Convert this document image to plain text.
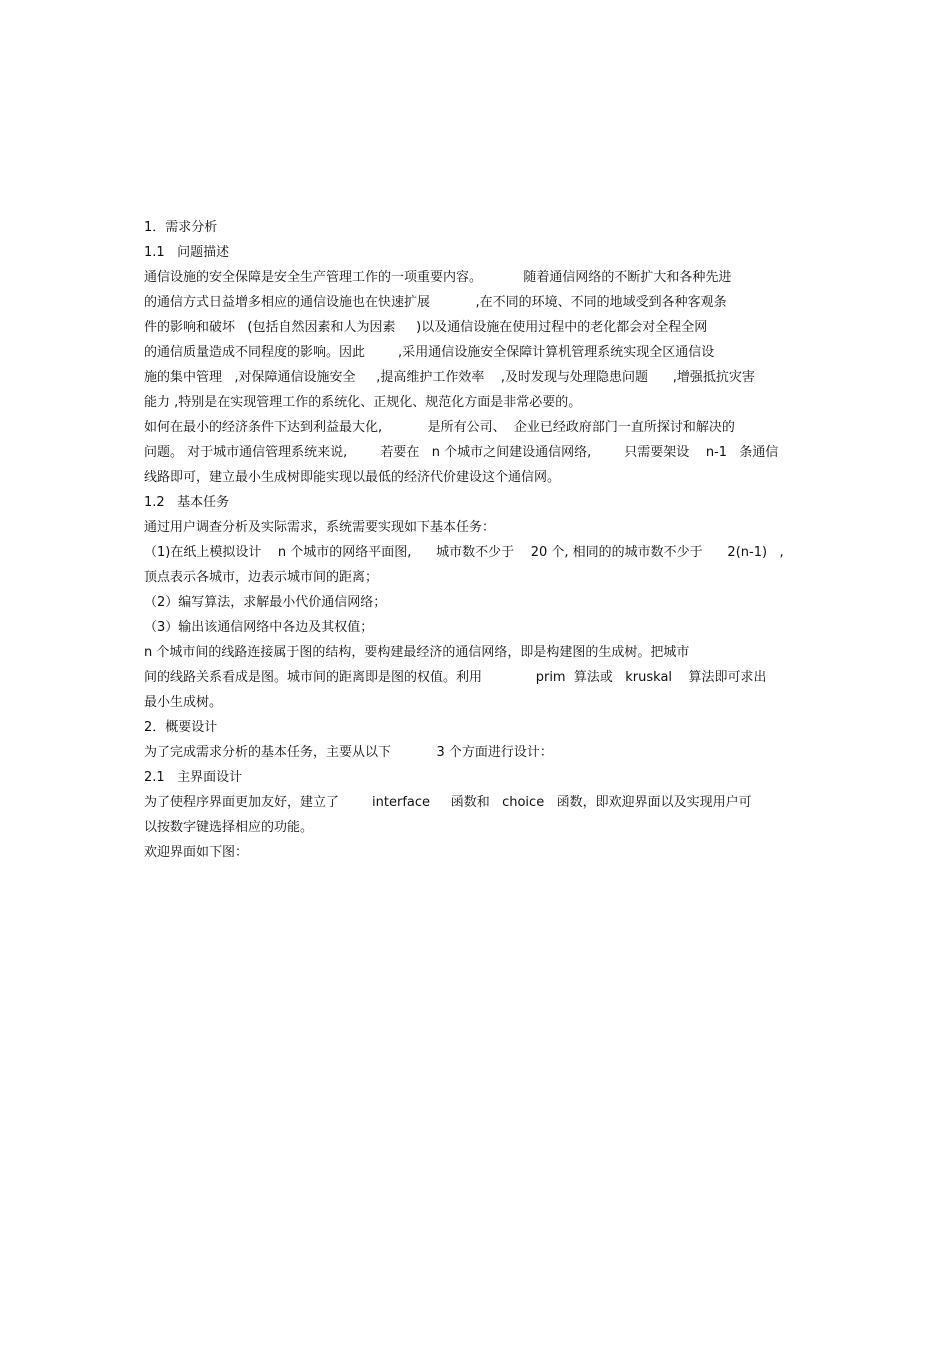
1．需求分析
1.1   问题描述
通信设施的安全保障是安全生产管理工作的一项重要内容。          随着通信网络的不断扩大和各种先进
的通信方式日益增多相应的通信设施也在快速扩展           ,在不同的环境、不同的地域受到各种客观条
件的影响和破坏   (包括自然因素和人为因素     )以及通信设施在使用过程中的老化都会对全程全网
的通信质量造成不同程度的影响。因此        ,采用通信设施安全保障计算机管理系统实现全区通信设
施的集中管理   ,对保障通信设施安全     ,提高维护工作效率    ,及时发现与处理隐患问题      ,增强抵抗灾害
能力 ,特别是在实现管理工作的系统化、正规化、规范化方面是非常必要的。
如何在最小的经济条件下达到利益最大化,           是所有公司、  企业已经政府部门一直所探讨和解决的
问题。 对于城市通信管理系统来说,        若要在   n 个城市之间建设通信网络,        只需要架设    n-1   条通信
线路即可，建立最小生成树即能实现以最低的经济代价建设这个通信网。
1.2   基本任务
通过用户调查分析及实际需求，系统需要实现如下基本任务：
（1)在纸上模拟设计    n 个城市的网络平面图,      城市数不少于    20 个, 相同的的城市数不少于      2(n-1)   ,
顶点表示各城市，边表示城市间的距离；
（2）编写算法，求解最小代价通信网络；
（3）输出该通信网络中各边及其权值；
n 个城市间的线路连接属于图的结构，要构建最经济的通信网络，即是构建图的生成树。把城市
间的线路关系看成是图。城市间的距离即是图的权值。利用             prim  算法或   kruskal    算法即可求出
最小生成树。
2．概要设计
为了完成需求分析的基本任务，主要从以下           3 个方面进行设计：
2.1   主界面设计
为了使程序界面更加友好，建立了        interface     函数和   choice   函数，即欢迎界面以及实现用户可
以按数字键选择相应的功能。
欢迎界面如下图：
